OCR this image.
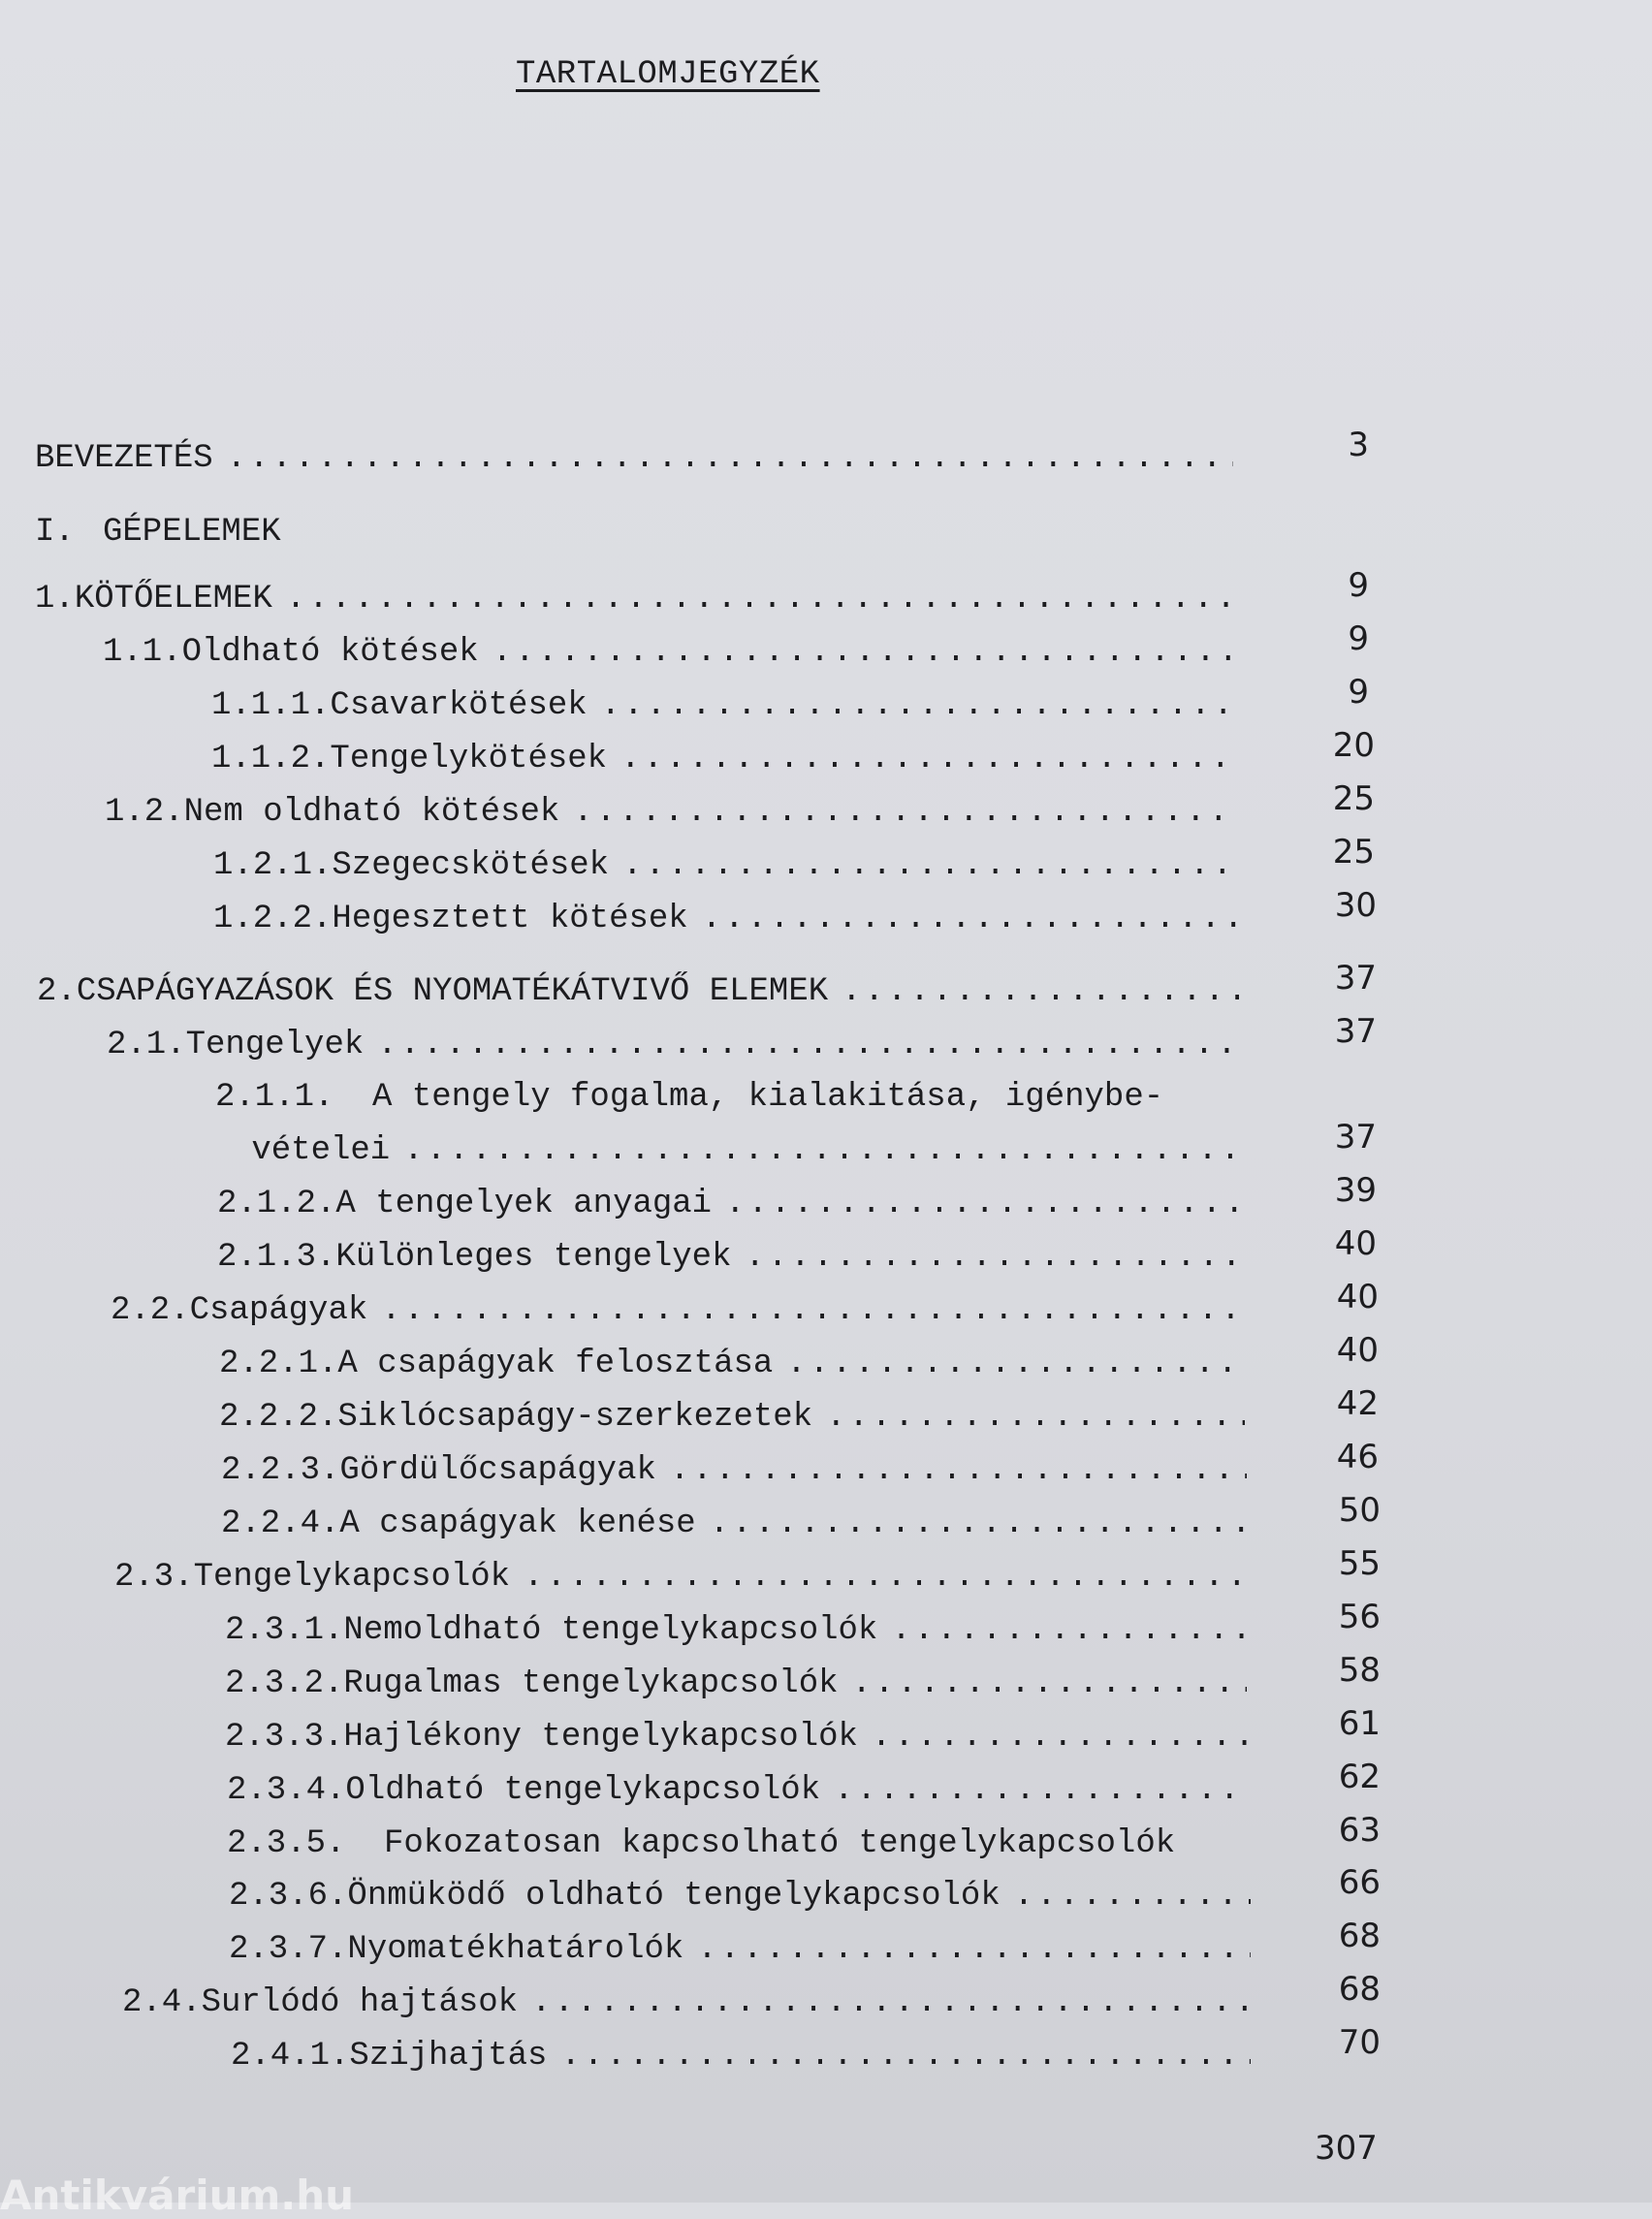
TARTALOMJEGYZÉK
BEVEZETÉS .....	3
I. GÉPELEMEK
1. KÖTŐELEMEK .....	9
1.1. Oldható kötések .....	9
1.1.1. Csavarkötések .....	9
1.1.2. Tengelykötések .....	20
1.2. Nem oldható kötések .....	25
1.2.1. Szegecskötések .....	25
1.2.2. Hegesztett kötések .....	30
2. CSAPÁGYAZÁSOK ÉS NYOMATÉKÁTVIVŐ ELEMEK .....	37
2.1. Tengelyek .....	37
2.1.1.	A tengely fogalma, kialakitása, igénybe-
vételei .....	37
2.1.2. A tengelyek anyagai .....	39
2.1.3. Különleges tengelyek .....	40
2.2. Csapágyak .....	40
2.2.1. A csapágyak felosztása .....	40
2.2.2. Siklócsapágy-szerkezetek .....	42
2.2.3. Gördülőcsapágyak .....	46
2.2.4. A csapágyak kenése .....	50
2.3. Tengelykapcsolók .....	55
2.3.1. Nemoldható tengelykapcsolók .....	56
2.3.2. Rugalmas tengelykapcsolók .....	58
2.3.3. Hajlékony tengelykapcsolók .....	61
2.3.4. Oldható tengelykapcsolók .....	62
2.3.5.	Fokozatosan kapcsolható tengelykapcsolók	63
2.3.6. Önmüködő oldható tengelykapcsolók .....	66
2.3.7. Nyomatékhatárolók .....	68
2.4. Surlódó hajtások .....	68
2.4.1. Szijhajtás .....	70
307
Antikvárium.hu
